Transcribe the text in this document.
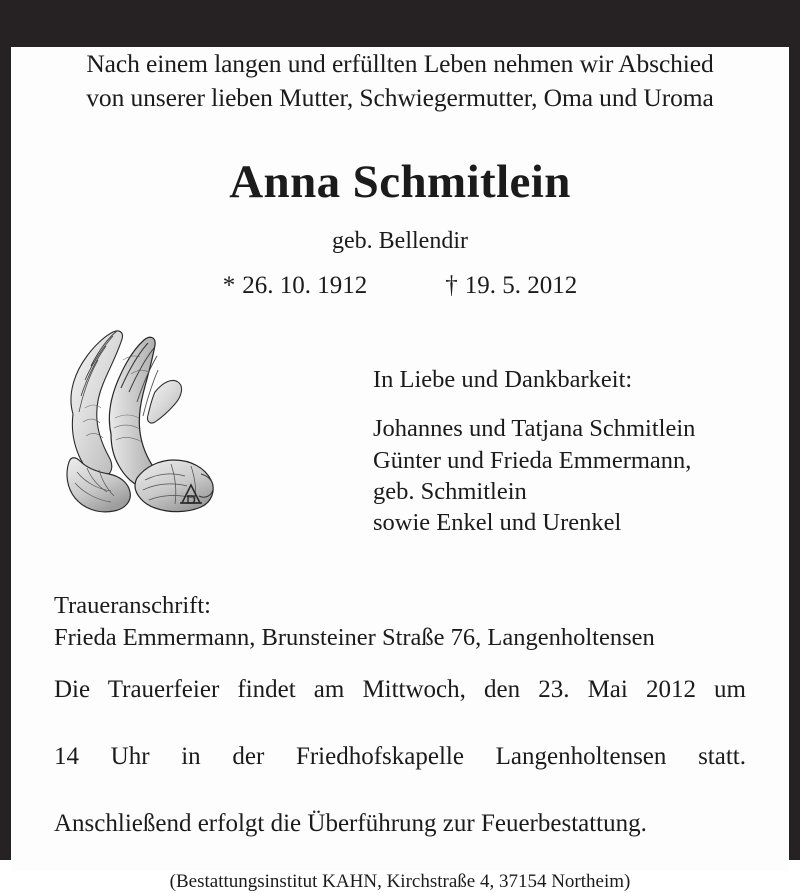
Nach einem langen und erfüllten Leben nehmen wir Abschied
von unserer lieben Mutter, Schwiegermutter, Oma und Uroma
Anna Schmitlein
geb. Bellendir
* 26. 10. 1912	† 19. 5. 2012
In Liebe und Dankbarkeit:
Johannes und Tatjana Schmitlein
Günter und Frieda Emmermann,
geb. Schmitlein
sowie Enkel und Urenkel
Traueranschrift:
Frieda Emmermann, Brunsteiner Straße 76, Langenholtensen

Die Trauerfeier findet am Mittwoch, den 23. Mai 2012 um

14 Uhr in der Friedhofskapelle Langenholtensen statt.

Anschließend erfolgt die Überführung zur Feuerbestattung.

(Bestattungsinstitut KAHN, Kirchstraße 4, 37154 Northeim)
